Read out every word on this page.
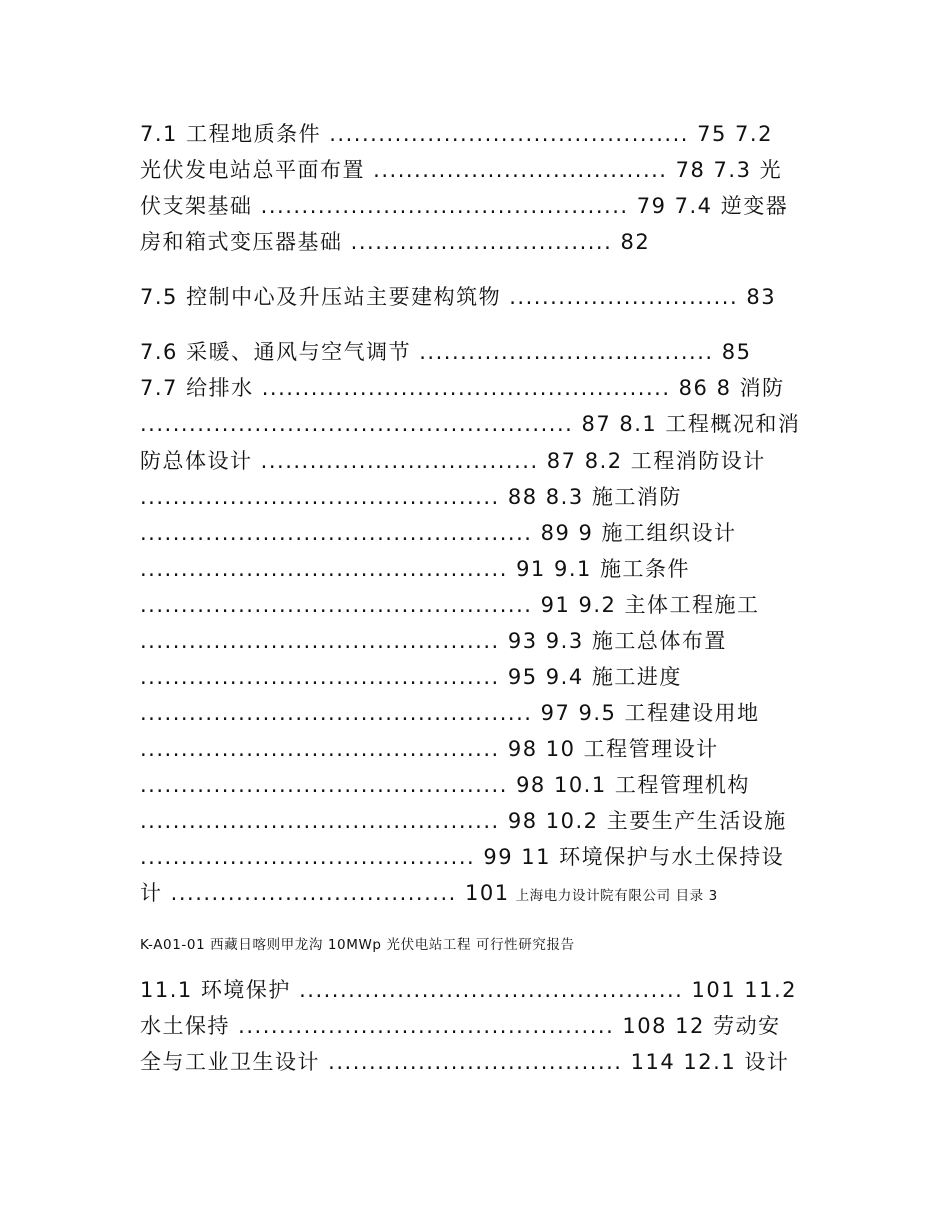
7.1 工程地质条件 ............................................ 75 7.2
光伏发电站总平面布置 .................................... 78 7.3 光
伏支架基础 ............................................. 79 7.4 逆变器
房和箱式变压器基础 ................................ 82
7.5 控制中心及升压站主要建构筑物 ............................ 83
7.6 采暖、通风与空气调节 .................................... 85
7.7 给排水 .................................................. 86 8 消防
..................................................... 87 8.1 工程概况和消
防总体设计 .................................. 87 8.2 工程消防设计
............................................ 88 8.3 施工消防
................................................ 89 9 施工组织设计
............................................. 91 9.1 施工条件
................................................ 91 9.2 主体工程施工
............................................ 93 9.3 施工总体布置
............................................ 95 9.4 施工进度
................................................ 97 9.5 工程建设用地
............................................ 98 10 工程管理设计
............................................. 98 10.1 工程管理机构
............................................ 98 10.2 主要生产生活设施
......................................... 99 11 环境保护与水土保持设
计 ................................... 101 上海电力设计院有限公司 目录 3
K-A01-01 西藏日喀则甲龙沟 10MWp 光伏电站工程 可行性研究报告
11.1 环境保护 ............................................... 101 11.2
水土保持 .............................................. 108 12 劳动安
全与工业卫生设计 .................................... 114 12.1 设计
